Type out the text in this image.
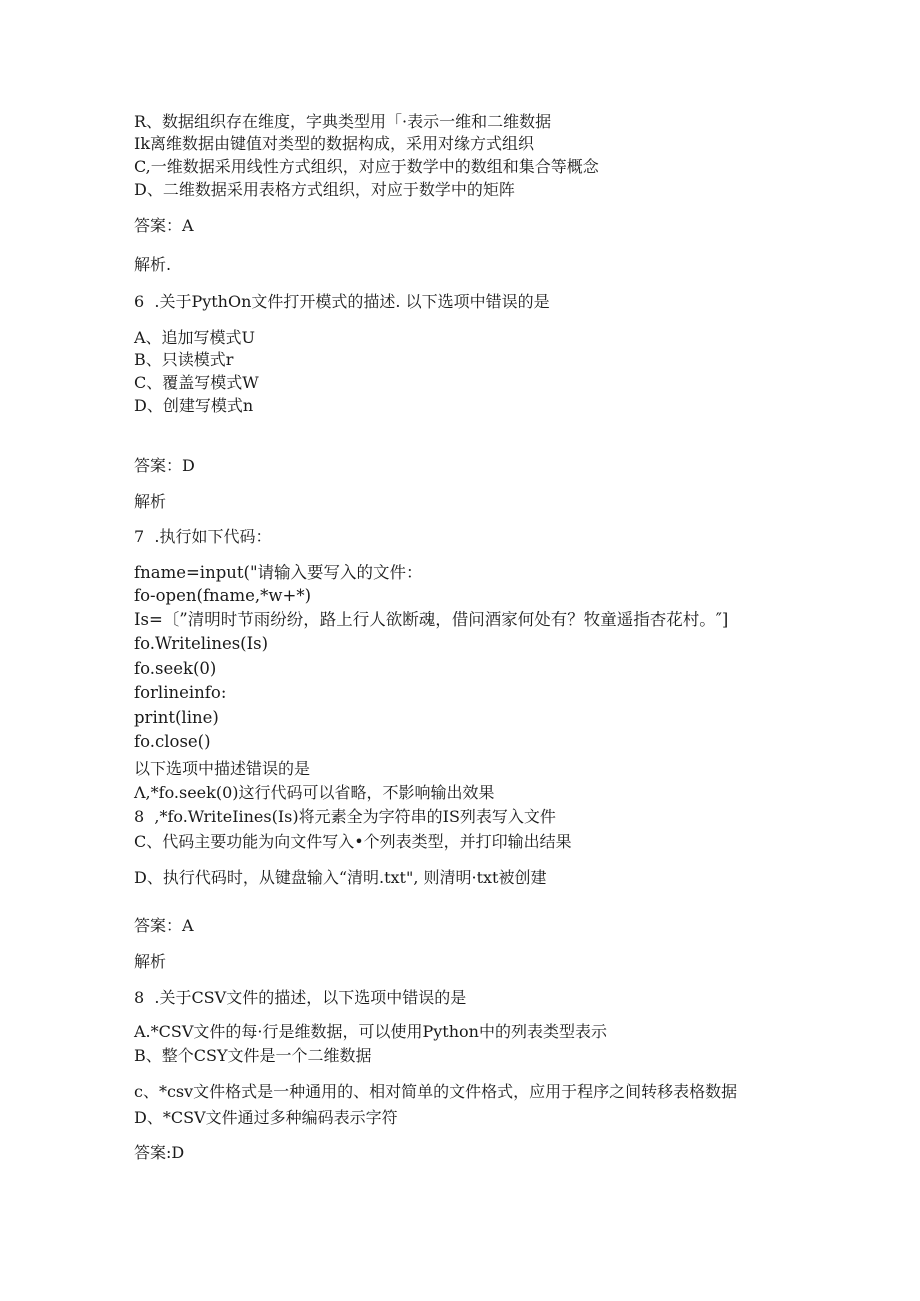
R、数据组织存在维度，字典类型用「·表示一维和二维数据
Ik离维数据由键值对类型的数据构成，采用对缘方式组织
C,一维数据采用线性方式组织，对应于数学中的数组和集合等概念
D、二维数据采用表格方式组织，对应于数学中的矩阵
答案：A
解析.
6  .关于PythOn文件打开模式的描述. 以下选项中错误的是
A、追加写模式U
B、只读模式r
C、覆盖写模式W
D、创建写模式n
答案：D
解析
7  .执行如下代码：
fname=input("请输入要写入的文件：
fo-open(fname,*w+*)
Is=〔”清明时节雨纷纷，路上行人欲断魂，借问酒家何处有？牧童遥指杏花村。″]
fo.Writelines(Is)
fo.seek(0)
forlineinfo:
print(line)
fo.close()
以下选项中描述错误的是
Λ,*fo.seek(0)这行代码可以省略，不影响输出效果
8  ,*fo.WriteIines(Is)将元素全为字符串的IS列表写入文件
C、代码主要功能为向文件写入•个列表类型，并打印输出结果
D、执行代码时，从键盘输入“清明.txt", 则清明·txt被创建
答案：A
解析
8  .关于CSV文件的描述，以下选项中错误的是
A.*CSV文件的每·行是维数据，可以使用Python中的列表类型表示
B、整个CSY文件是一个二维数据
c、*csv文件格式是一种通用的、相对简单的文件格式，应用于程序之间转移表格数据
D、*CSV文件通过多种编码表示字符
答案:D
